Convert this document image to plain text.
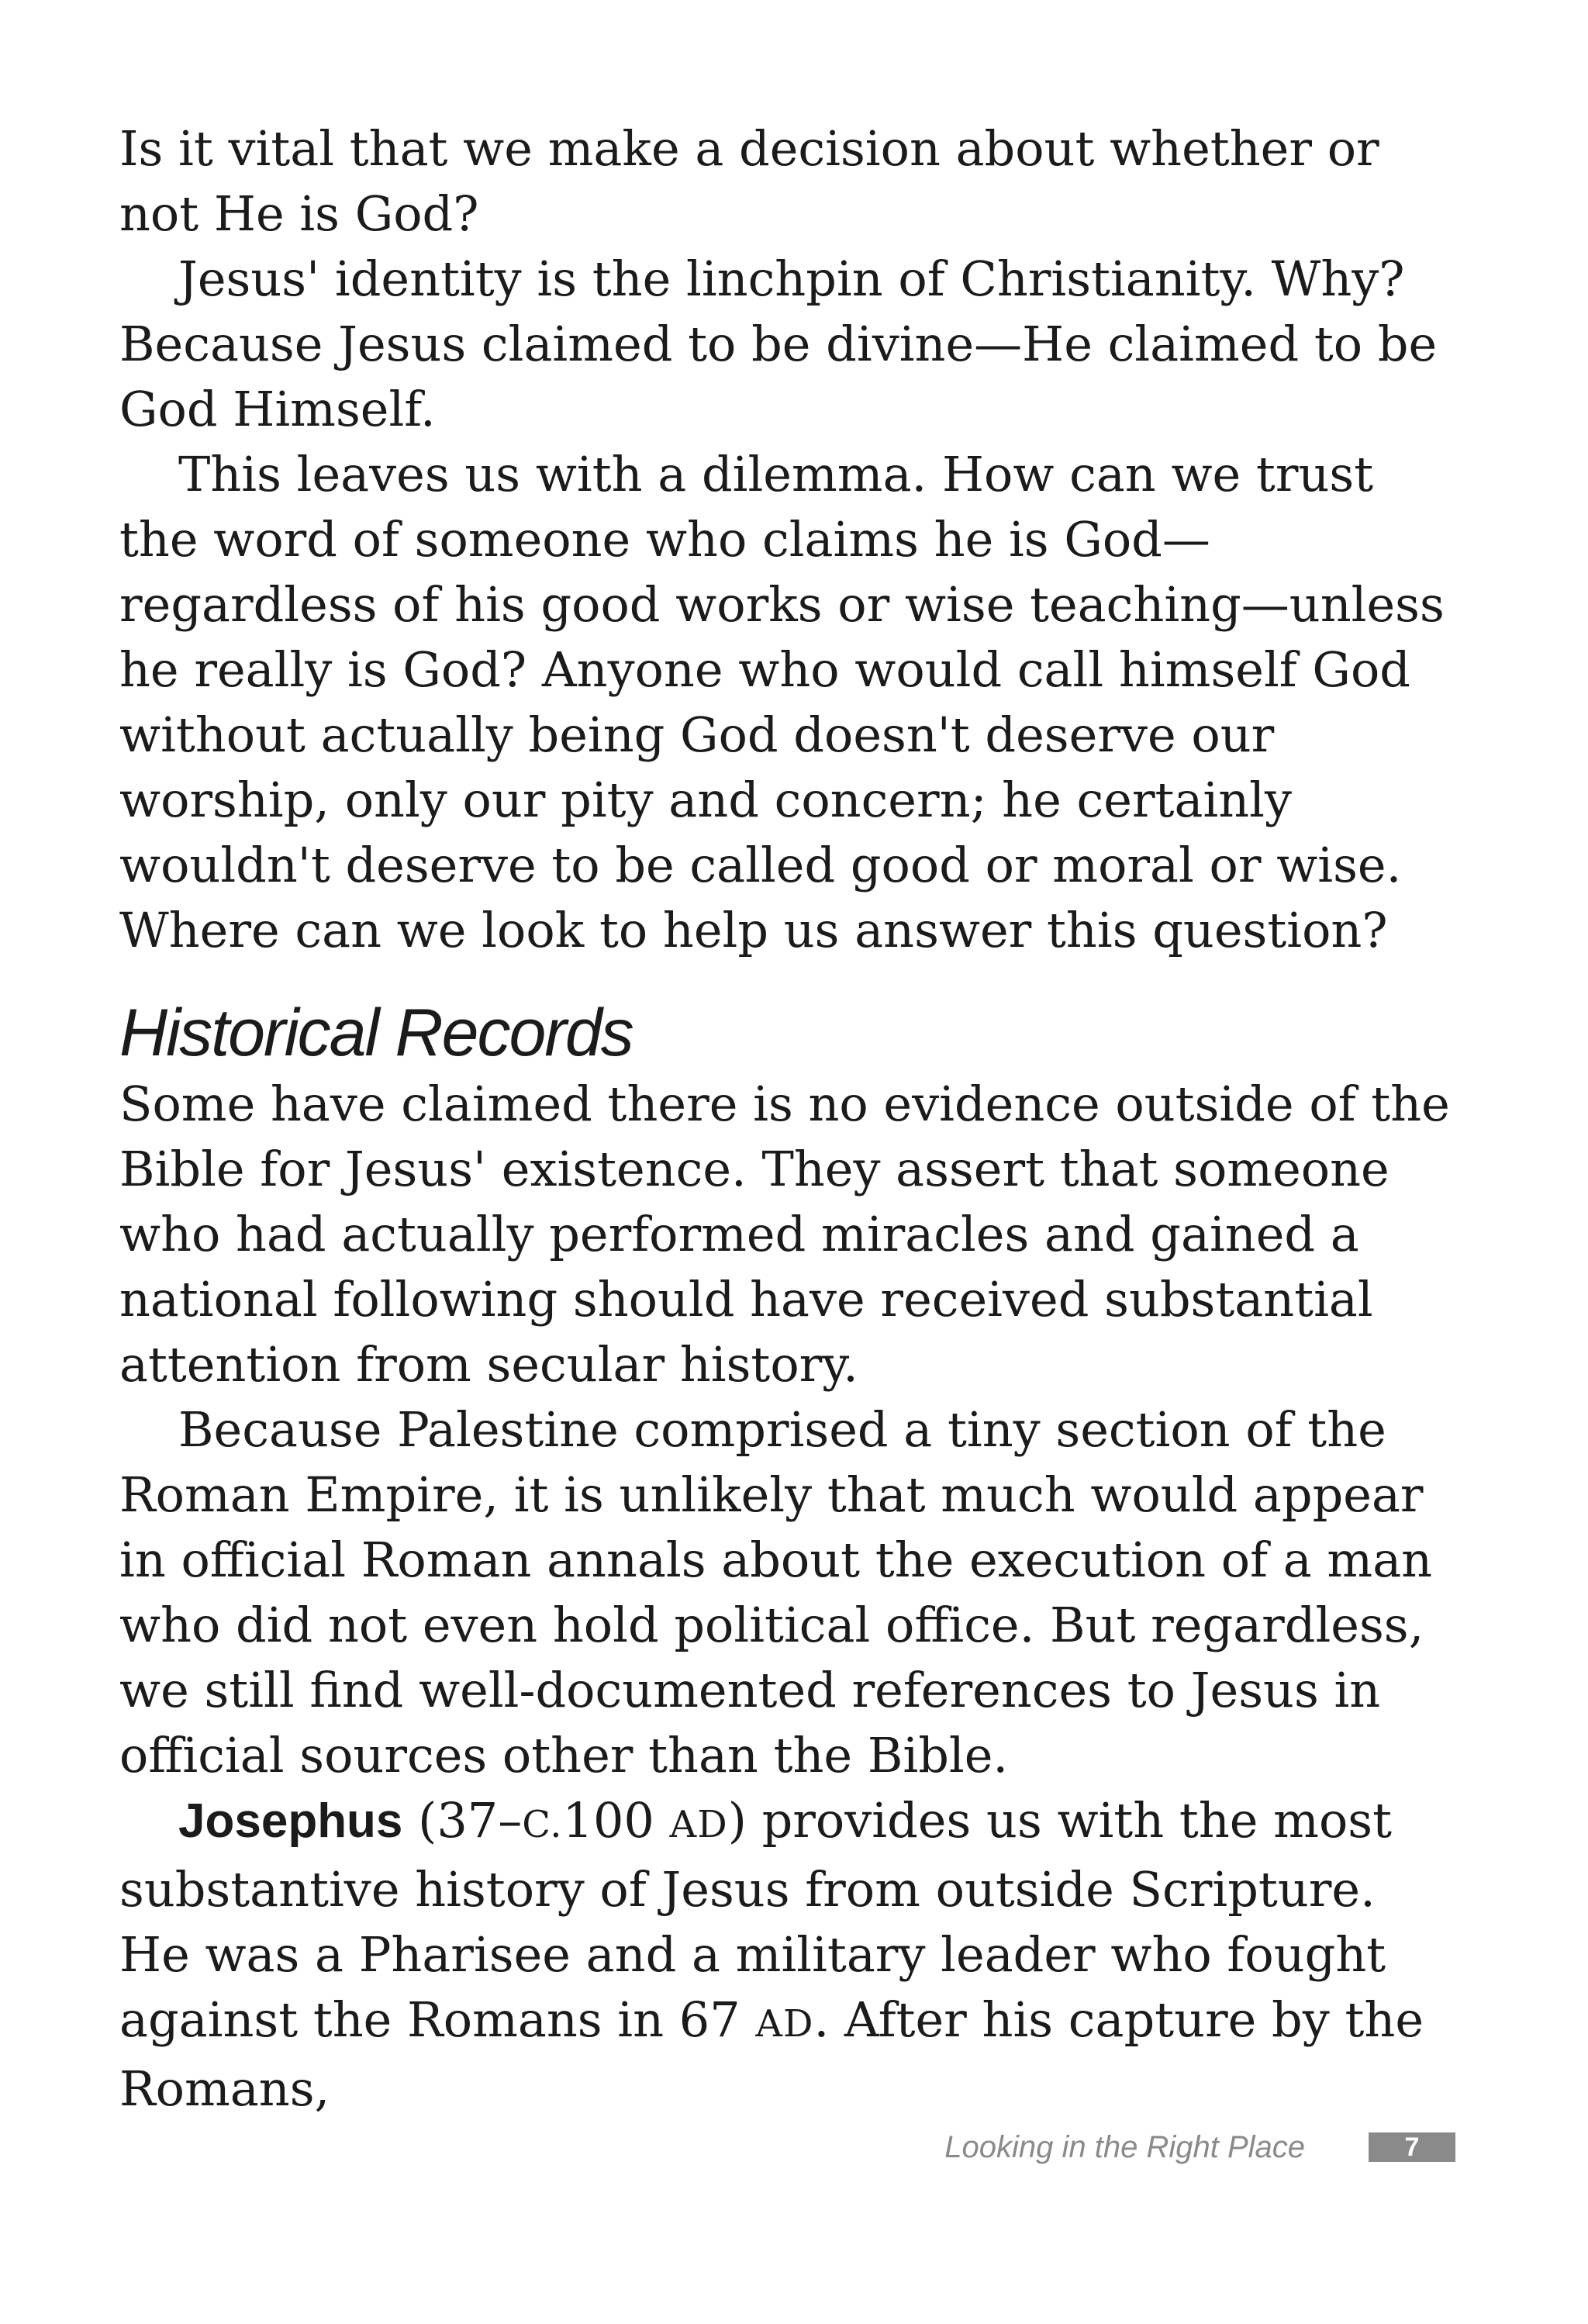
Is it vital that we make a decision about whether or not He is God?

Jesus' identity is the linchpin of Christianity. Why? Because Jesus claimed to be divine—He claimed to be God Himself.

This leaves us with a dilemma. How can we trust the word of someone who claims he is God—regardless of his good works or wise teaching—unless he really is God? Anyone who would call himself God without actually being God doesn't deserve our worship, only our pity and concern; he certainly wouldn't deserve to be called good or moral or wise. Where can we look to help us answer this question?

Historical Records

Some have claimed there is no evidence outside of the Bible for Jesus' existence. They assert that someone who had actually performed miracles and gained a national following should have received substantial attention from secular history.

Because Palestine comprised a tiny section of the Roman Empire, it is unlikely that much would appear in official Roman annals about the execution of a man who did not even hold political office. But regardless, we still find well-documented references to Jesus in official sources other than the Bible.

Josephus (37–C.100 AD) provides us with the most substantive history of Jesus from outside Scripture. He was a Pharisee and a military leader who fought against the Romans in 67 AD. After his capture by the Romans,

Looking in the Right Place	7
